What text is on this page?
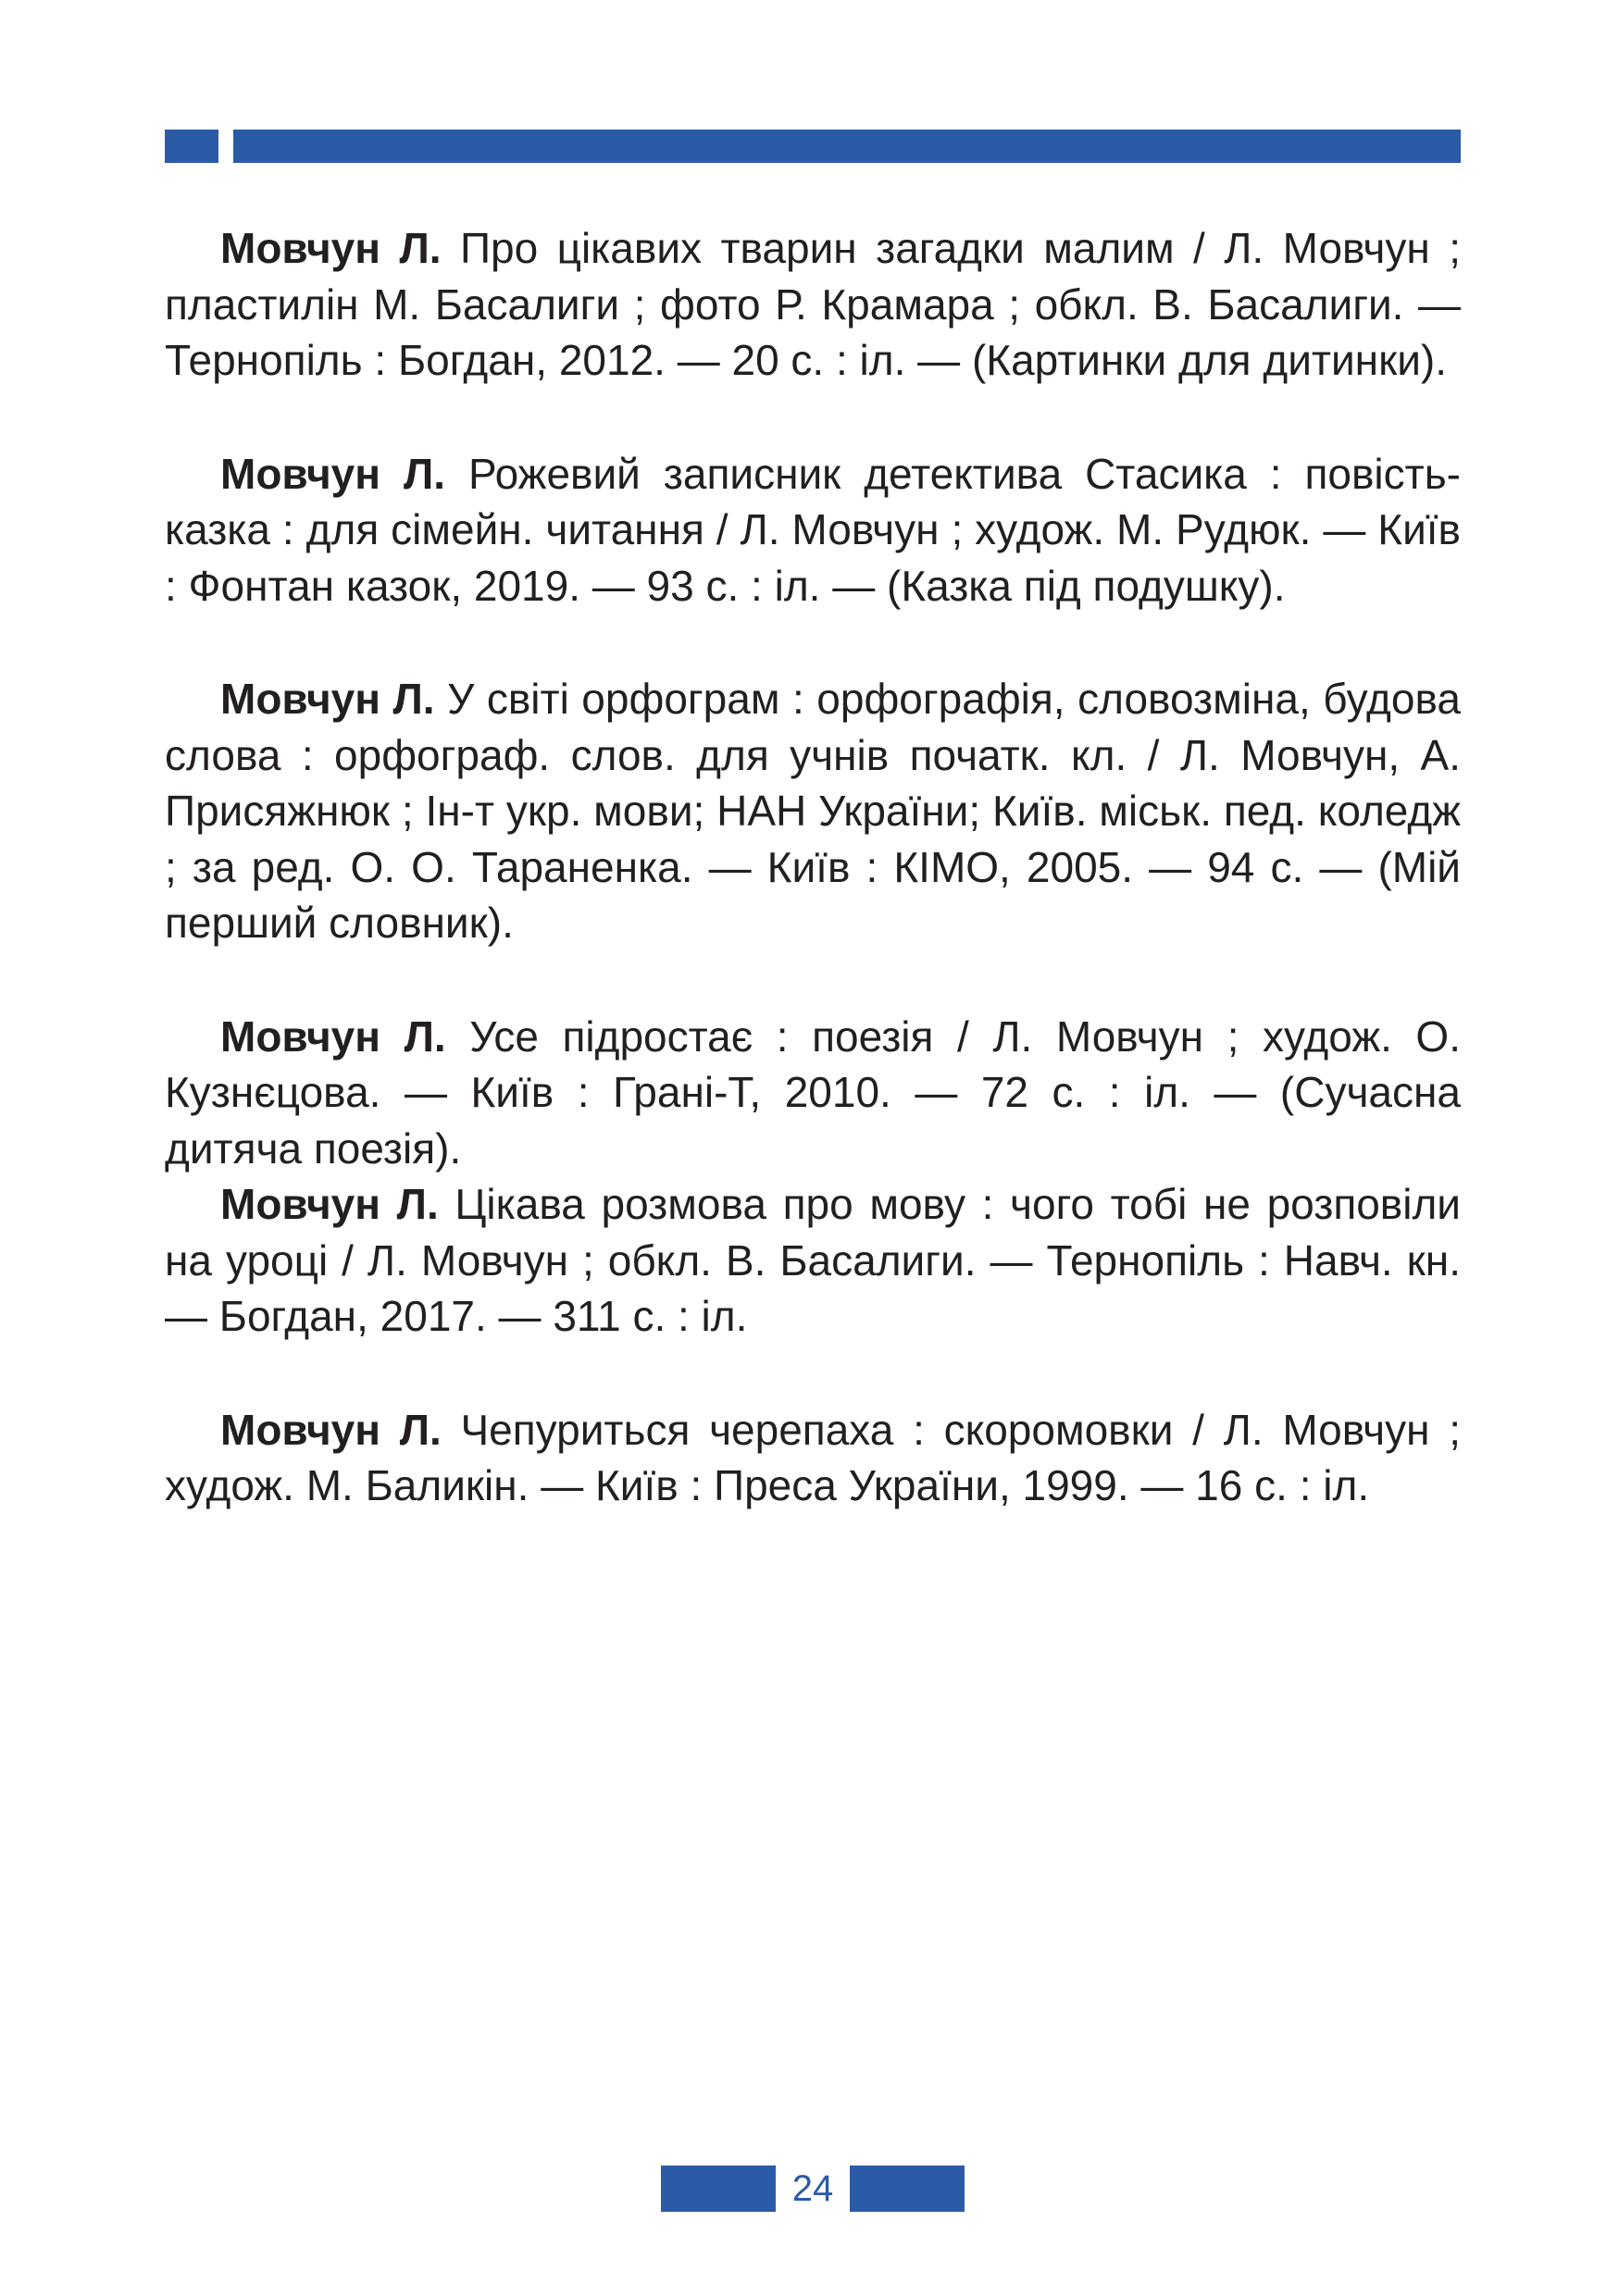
Мовчун Л. Про цікавих тварин загадки малим / Л. Мовчун ; пластилін М. Басалиги ; фото Р. Крамара ; обкл. В. Басалиги. — Тернопіль : Богдан, 2012. — 20 с. : іл. — (Картинки для дитинки).

Мовчун Л. Рожевий записник детектива Стасика : повість-казка : для сімейн. читання / Л. Мовчун ; худож. М. Рудюк. — Київ : Фонтан казок, 2019. — 93 с. : іл. — (Казка під подушку).

Мовчун Л. У світі орфограм : орфографія, словозміна, будова слова : орфограф. слов. для учнів початк. кл. / Л. Мовчун, А. Присяжнюк ; Ін-т укр. мови; НАН України; Київ. міськ. пед. коледж ; за ред. О. О. Тараненка. — Київ : КІМО, 2005. — 94 с. — (Мій перший словник).

Мовчун Л. Усе підростає : поезія / Л. Мовчун ; худож. О. Кузнєцова. — Київ : Грані-Т, 2010. — 72 с. : іл. — (Сучасна дитяча поезія).

Мовчун Л. Цікава розмова про мову : чого тобі не розповіли на уроці / Л. Мовчун ; обкл. В. Басалиги. — Тернопіль : Навч. кн. — Богдан, 2017. — 311 с. : іл.

Мовчун Л. Чепуриться черепаха : скоромовки / Л. Мовчун ; худож. М. Баликін. — Київ : Преса України, 1999. — 16 с. : іл.

24
